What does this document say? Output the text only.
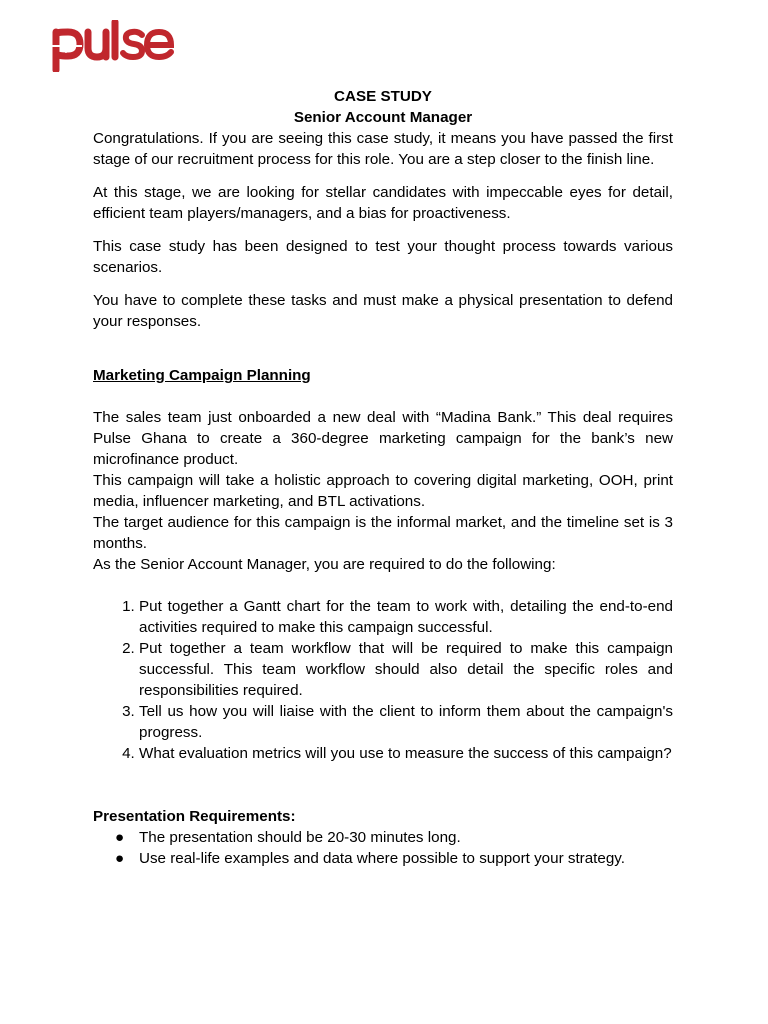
pulse
CASE STUDY
Senior Account Manager

Congratulations. If you are seeing this case study, it means you have passed the first stage of our recruitment process for this role. You are a step closer to the finish line.

At this stage, we are looking for stellar candidates with impeccable eyes for detail, efficient team players/managers, and a bias for proactiveness.

This case study has been designed to test your thought process towards various scenarios.

You have to complete these tasks and must make a physical presentation to defend your responses.

Marketing Campaign Planning

The sales team just onboarded a new deal with “Madina Bank.” This deal requires Pulse Ghana to create a 360-degree marketing campaign for the bank’s new microfinance product.

This campaign will take a holistic approach to covering digital marketing, OOH, print media, influencer marketing, and BTL activations.

The target audience for this campaign is the informal market, and the timeline set is 3 months.

As the Senior Account Manager, you are required to do the following:

1. Put together a Gantt chart for the team to work with, detailing the end-to-end activities required to make this campaign successful.
2. Put together a team workflow that will be required to make this campaign successful. This team workflow should also detail the specific roles and responsibilities required.
3. Tell us how you will liaise with the client to inform them about the campaign's progress.
4. What evaluation metrics will you use to measure the success of this campaign?

Presentation Requirements:

● The presentation should be 20-30 minutes long.
● Use real-life examples and data where possible to support your strategy.
